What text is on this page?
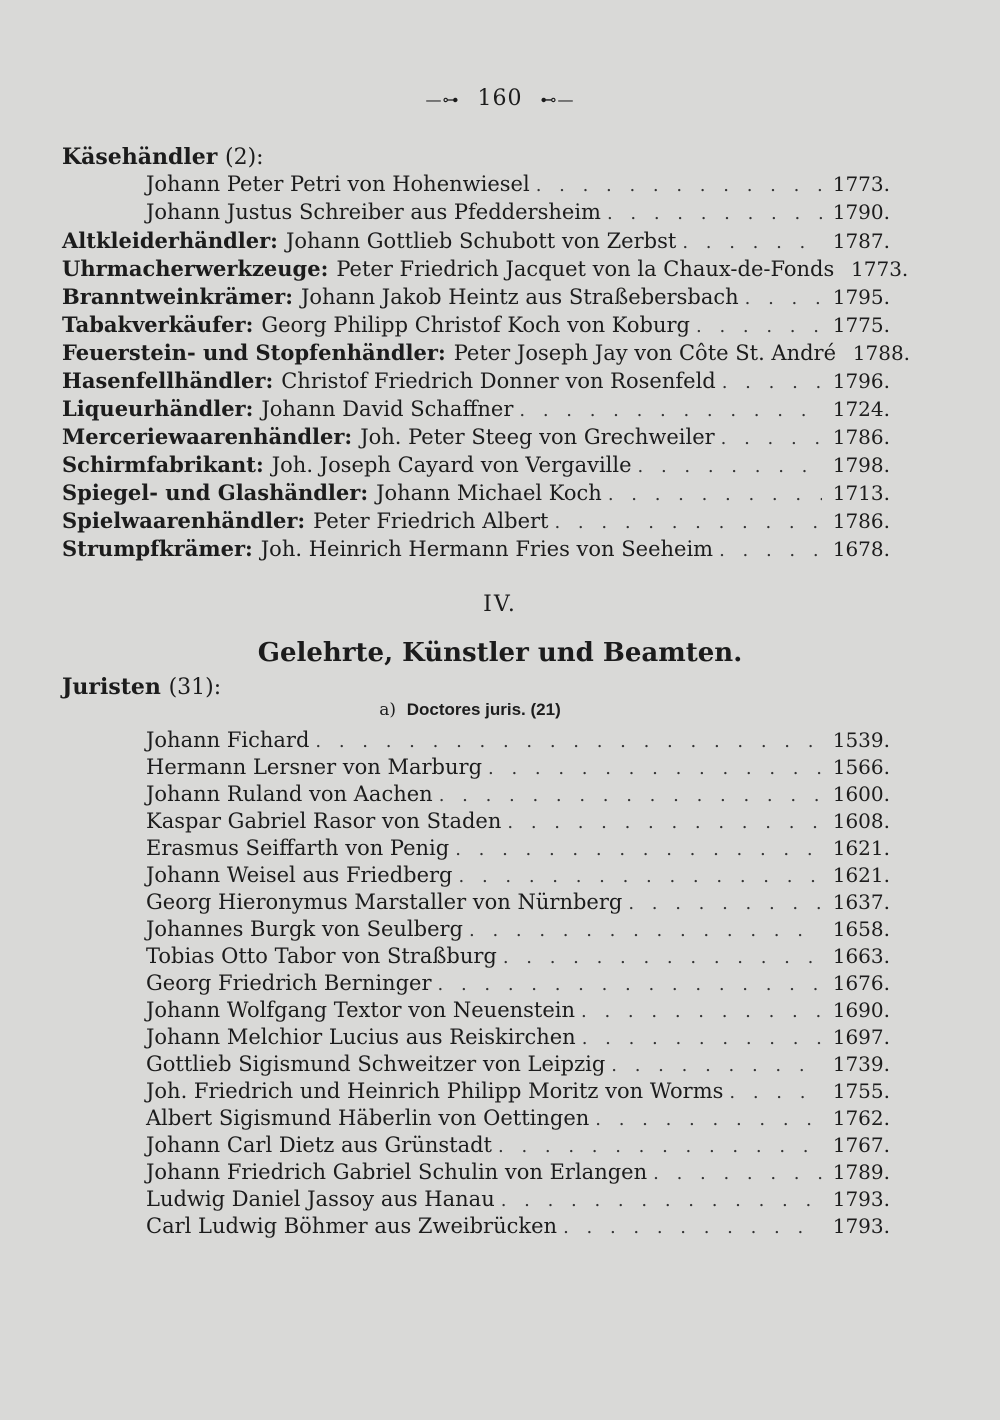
—⊶ 160 ⊷—
Käsehändler (2):
Johann Peter Petri von Hohenwiesel . . .	1773.
Johann Justus Schreiber aus Pfeddersheim . . .	1790.
Altkleiderhändler: Johann Gottlieb Schubott von Zerbst . . .	1787.
Uhrmacherwerkzeuge: Peter Friedrich Jacquet von la Chaux-de-Fonds 1773.
Branntweinkrämer: Johann Jakob Heintz aus Straßebersbach . . .	1795.
Tabakverkäufer: Georg Philipp Christof Koch von Koburg . . .	1775.
Feuerstein- und Stopfenhändler: Peter Joseph Jay von Côte St. André 1788.
Hasenfellhändler: Christof Friedrich Donner von Rosenfeld . . .	1796.
Liqueurhändler: Johann David Schaffner . . .	1724.
Merceriewaarenhändler: Joh. Peter Steeg von Grechweiler . . .	1786.
Schirmfabrikant: Joh. Joseph Cayard von Vergaville . . .	1798.
Spiegel- und Glashändler: Johann Michael Koch . . .	1713.
Spielwaarenhändler: Peter Friedrich Albert . . .	1786.
Strumpfkrämer: Joh. Heinrich Hermann Fries von Seeheim . . .	1678.
IV.
Gelehrte, Künstler und Beamten.
Juristen (31):
a) Doctores juris. (21)
Johann Fichard . . .	1539.
Hermann Lersner von Marburg . . .	1566.
Johann Ruland von Aachen . . .	1600.
Kaspar Gabriel Rasor von Staden . . .	1608.
Erasmus Seiffarth von Penig . . .	1621.
Johann Weisel aus Friedberg . . .	1621.
Georg Hieronymus Marstaller von Nürnberg . . .	1637.
Johannes Burgk von Seulberg . . .	1658.
Tobias Otto Tabor von Straßburg . . .	1663.
Georg Friedrich Berninger . . .	1676.
Johann Wolfgang Textor von Neuenstein . . .	1690.
Johann Melchior Lucius aus Reiskirchen . . .	1697.
Gottlieb Sigismund Schweitzer von Leipzig . . .	1739.
Joh. Friedrich und Heinrich Philipp Moritz von Worms . . .	1755.
Albert Sigismund Häberlin von Oettingen . . .	1762.
Johann Carl Dietz aus Grünstadt . . .	1767.
Johann Friedrich Gabriel Schulin von Erlangen . . .	1789.
Ludwig Daniel Jassoy aus Hanau . . .	1793.
Carl Ludwig Böhmer aus Zweibrücken . . .	1793.
